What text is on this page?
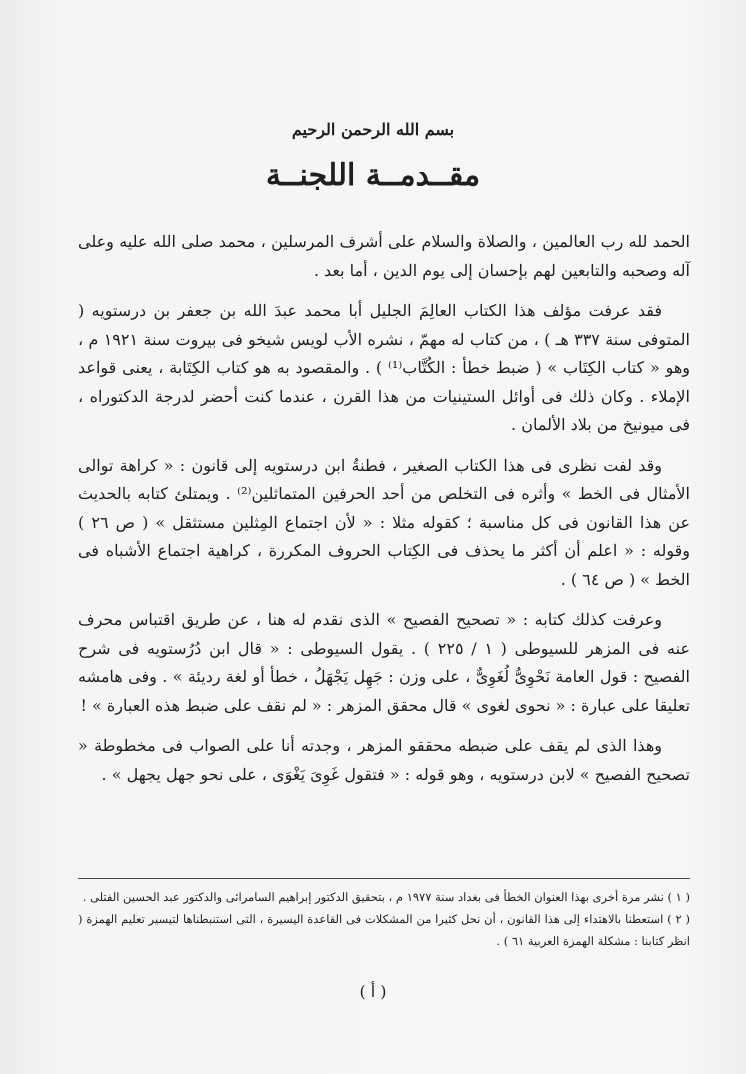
بسم الله الرحمن الرحيم
مقــدمــة اللجنــة

الحمد لله رب العالمين ، والصلاة والسلام على أشرف المرسلين ، محمد صلى الله عليه وعلى آله وصحبه والتابعين لهم بإحسان إلى يوم الدين ، أما بعد .

فقد عرفت مؤلف هذا الكتاب العالِمَ الجليل أبا محمد عبدَ الله بن جعفر بن درستويه ( المتوفى سنة ٣٣٧ هـ ) ، من كتاب له مهمّ ، نشره الأب لويس شيخو فى بيروت سنة ١٩٢١ م ، وهو « كتاب الكِتَاب » ( ضبط خطأ : الكُتَّاب⁽¹⁾ ) . والمقصود به هو كتاب الكِتَابة ، يعنى قواعد الإملاء . وكان ذلك فى أوائل الستينيات من هذا القرن ، عندما كنت أحضر لدرجة الدكتوراه ، فى ميونيخ من بلاد الألمان .

وقد لفت نظرى فى هذا الكتاب الصغير ، فطنةُ ابن درستويه إلى قانون : « كراهة توالى الأمثال فى الخط » وأثره فى التخلص من أحد الحرفين المتماثلين⁽²⁾ . ويمتلئ كتابه بالحديث عن هذا القانون فى كل مناسبة ؛ كقوله مثلا : « لأن اجتماع المِثلين مستثقل » ( ص ٢٦ ) وقوله : « اعلم أن أكثر ما يحذف فى الكِتاب الحروف المكررة ، كراهية اجتماع الأشباه فى الخط » ( ص ٦٤ ) .

وعرفت كذلك كتابه : « تصحيح الفصيح » الذى نقدم له هنا ، عن طريق اقتباس محرف عنه فى المزهر للسيوطى ( ١ / ٢٢٥ ) . يقول السيوطى : « قال ابن دُرُستويه فى شرح الفصيح : قول العامة نَحْوِىُّ لُغَوِىٌّ ، على وزن : جَهِل يَجْهَلُ ، خطأ أو لغة رديئة » . وفى هامشه تعليقا على عبارة : « نحوى لغوى » قال محقق المزهر : « لم نقف على ضبط هذه العبارة » !

وهذا الذى لم يقف على ضبطه محققو المزهر ، وجدته أنا على الصواب فى مخطوطة « تصحيح الفصيح » لابن درستويه ، وهو قوله : « فتقول غَوِىَ يَغْوَى ، على نحو جهل يجهل » .

( ١ ) نشر مرة أخرى بهذا العنوان الخطأ فى بغداد سنة ١٩٧٧ م ، بتحقيق الدكتور إبراهيم السامرائى والدكتور عبد الحسين الفتلى .

( ٢ ) استعطنا بالاهتداء إلى هذا القانون ، أن نحل كثيرا من المشكلات فى القاعدة اليسيرة ، التى استنبطناها لتيسير تعليم الهمزة ( انظر كتابنا : مشكلة الهمزة العربية ٦١ ) .

( أ )
